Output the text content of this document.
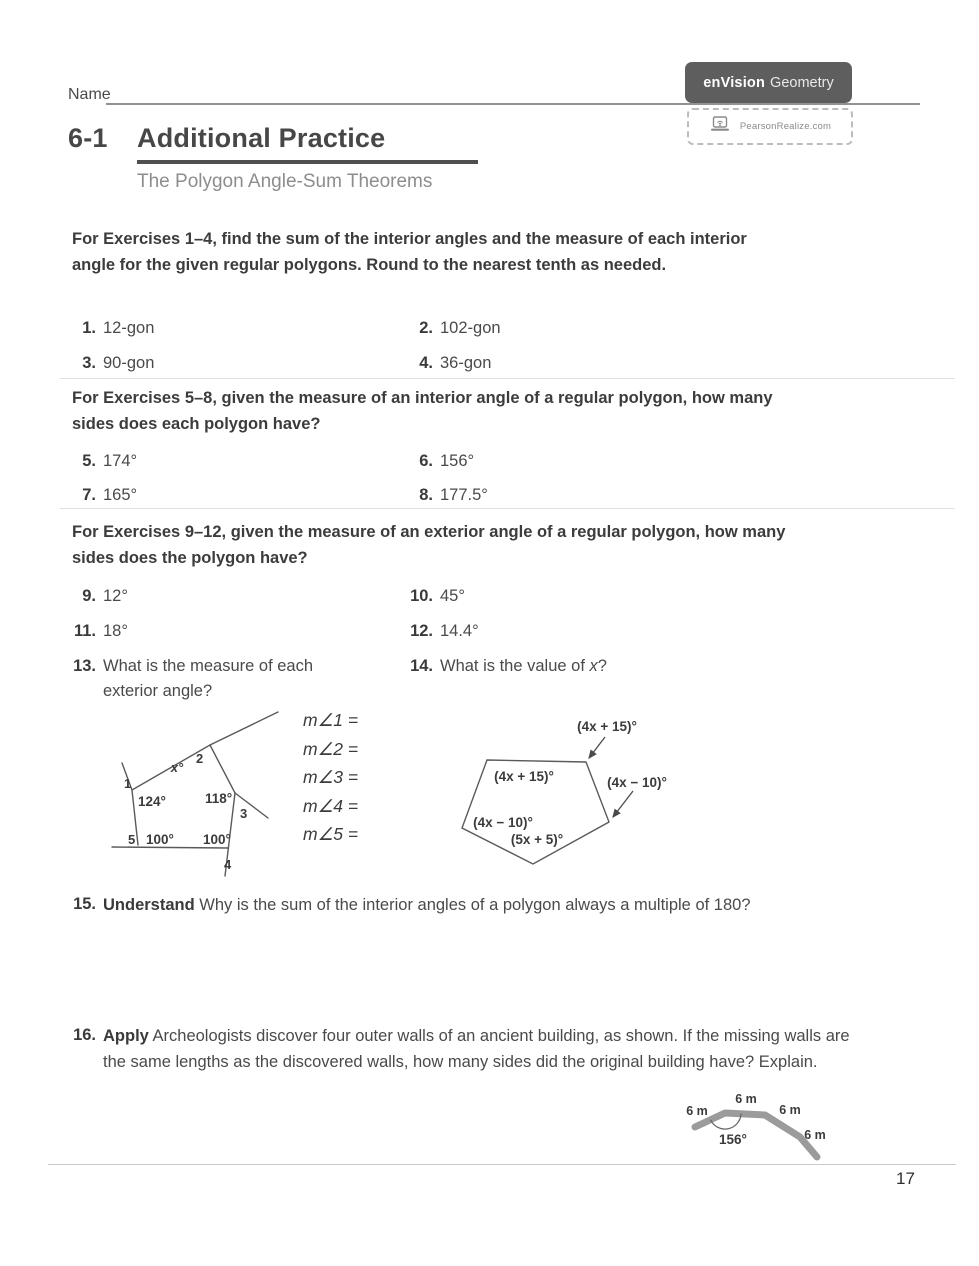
Name
enVision Geometry
PearsonRealize.com
6-1 Additional Practice
The Polygon Angle-Sum Theorems
For Exercises 1–4, find the sum of the interior angles and the measure of each interior angle for the given regular polygons. Round to the nearest tenth as needed.
1. 12-gon	2. 102-gon
3. 90-gon	4. 36-gon
For Exercises 5–8, given the measure of an interior angle of a regular polygon, how many sides does each polygon have?
5. 174°	6. 156°
7. 165°	8. 177.5°
For Exercises 9–12, given the measure of an exterior angle of a regular polygon, how many sides does the polygon have?
9. 12°	10. 45°
11. 18°	12. 14.4°
13. What is the measure of each exterior angle?
14. What is the value of x?
2
x°
1
124°	118°
3
5 100° 100°
4
m∠1 =
m∠2 =
m∠3 =
m∠4 =
m∠5 =
(4x + 15)°
(4x − 10)°
(4x + 15)°
(4x − 10)°
(5x + 5)°
15. Understand Why is the sum of the interior angles of a polygon always a multiple of 180?
16. Apply Archeologists discover four outer walls of an ancient building, as shown. If the missing walls are the same lengths as the discovered walls, how many sides did the original building have? Explain.
6 m
6 m
6 m
6 m
156°
17
